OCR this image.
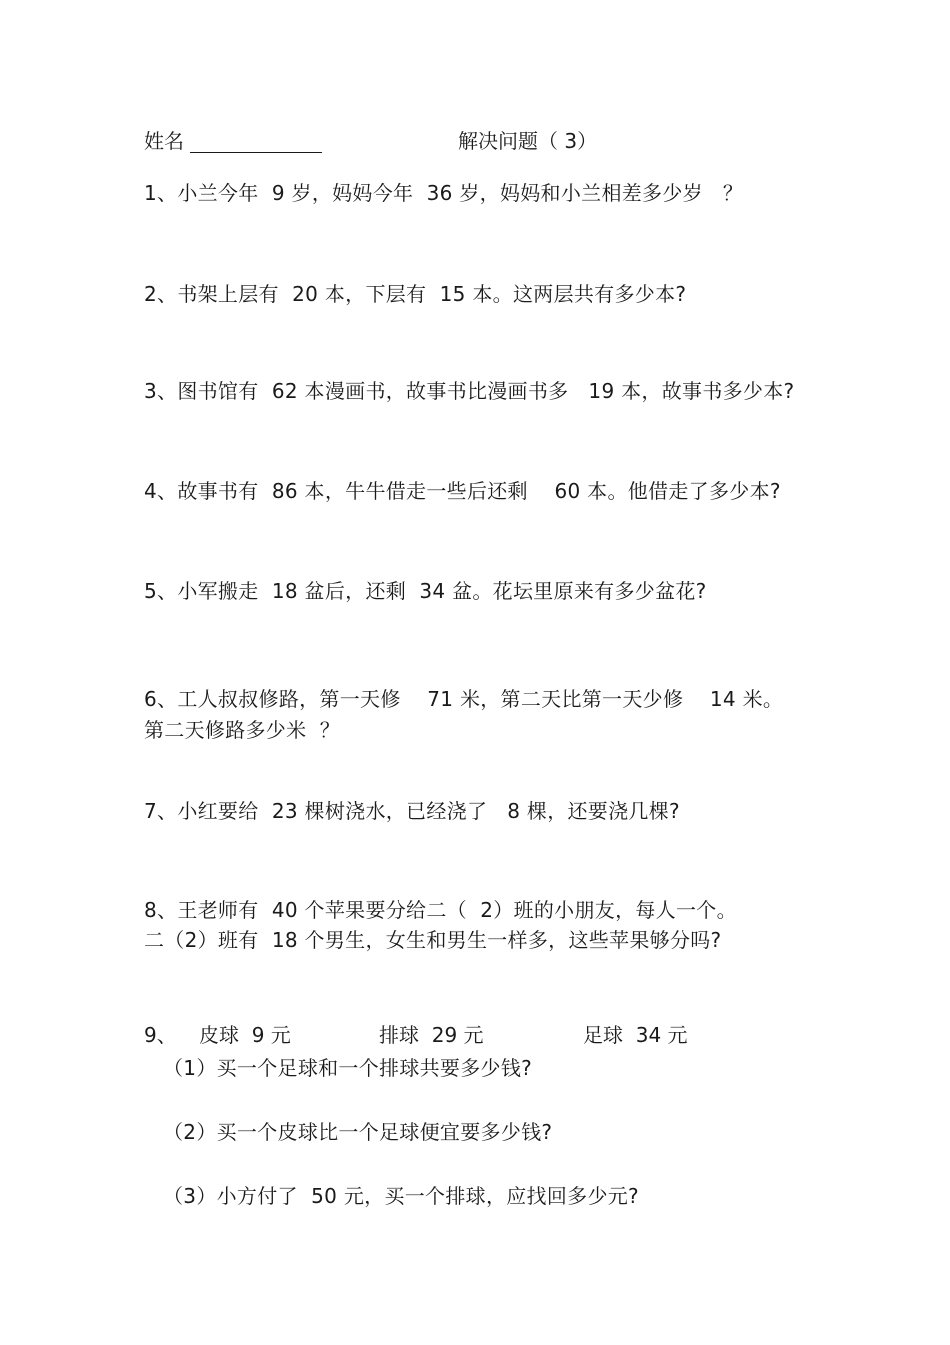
姓名	解决问题（ 3）
1、小兰今年  9 岁，妈妈今年  36 岁，妈妈和小兰相差多少岁   ？
2、书架上层有  20 本，下层有  15 本。这两层共有多少本?
3、图书馆有  62 本漫画书，故事书比漫画书多   19 本，故事书多少本?
4、故事书有  86 本，牛牛借走一些后还剩    60 本。他借走了多少本?
5、小军搬走  18 盆后，还剩  34 盆。花坛里原来有多少盆花?
6、工人叔叔修路，第一天修    71 米，第二天比第一天少修    14 米。
第二天修路多少米  ？
7、小红要给  23 棵树浇水，已经浇了   8 棵，还要浇几棵?
8、王老师有  40 个苹果要分给二（  2）班的小朋友，每人一个。
二（2）班有  18 个男生，女生和男生一样多，这些苹果够分吗?
9、 皮球  9 元	排球  29 元	足球  34 元
（1）买一个足球和一个排球共要多少钱?
（2）买一个皮球比一个足球便宜要多少钱?
（3）小方付了  50 元，买一个排球，应找回多少元?
